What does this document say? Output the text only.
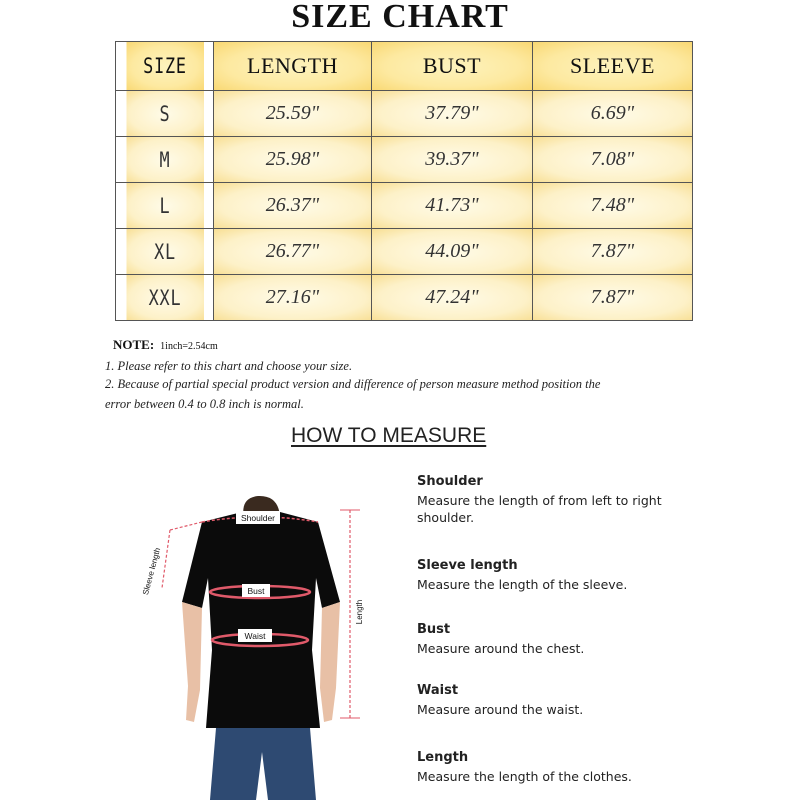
SIZE CHART
SIZE	LENGTH	BUST	SLEEVE
S	25.59"	37.79"	6.69"
M	25.98"	39.37"	7.08"
L	26.37"	41.73"	7.48"
XL	26.77"	44.09"	7.87"
XXL	27.16"	47.24"	7.87"
NOTE: 1inch=2.54cm
1. Please refer to this chart and choose your size.
2. Because of partial special product version and difference of person measure method position the
error between 0.4 to 0.8 inch is normal.
HOW TO MEASURE
Shoulder
Bust
Waist
Sleeve length
Length
Shoulder
Measure the length of from left to right shoulder.
Sleeve length
Measure the length of the sleeve.
Bust
Measure around the chest.
Waist
Measure around the waist.
Length
Measure the length of the clothes.
